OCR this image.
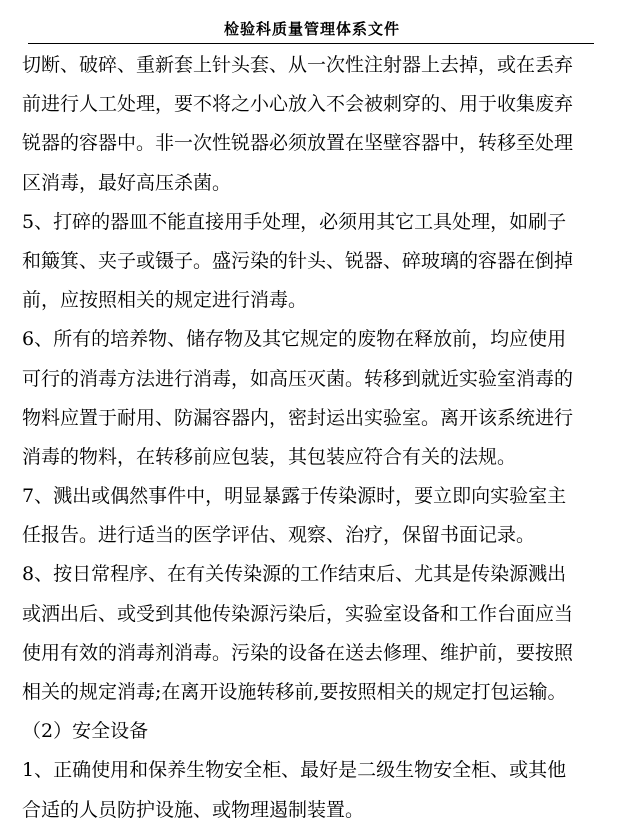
检验科质量管理体系文件
切断、破碎、重新套上针头套、从一次性注射器上去掉，或在丢弃
前进行人工处理，要不将之小心放入不会被刺穿的、用于收集废弃
锐器的容器中。非一次性锐器必须放置在坚壁容器中，转移至处理
区消毒，最好高压杀菌。
5、打碎的器皿不能直接用手处理，必须用其它工具处理，如刷子
和簸箕、夹子或镊子。盛污染的针头、锐器、碎玻璃的容器在倒掉
前，应按照相关的规定进行消毒。
6、所有的培养物、储存物及其它规定的废物在释放前，均应使用
可行的消毒方法进行消毒，如高压灭菌。转移到就近实验室消毒的
物料应置于耐用、防漏容器内，密封运出实验室。离开该系统进行
消毒的物料，在转移前应包装，其包装应符合有关的法规。
7、溅出或偶然事件中，明显暴露于传染源时，要立即向实验室主
任报告。进行适当的医学评估、观察、治疗，保留书面记录。
8、按日常程序、在有关传染源的工作结束后、尤其是传染源溅出
或洒出后、或受到其他传染源污染后，实验室设备和工作台面应当
使用有效的消毒剂消毒。污染的设备在送去修理、维护前，要按照
相关的规定消毒;在离开设施转移前,要按照相关的规定打包运输。
（2）安全设备
1、正确使用和保养生物安全柜、最好是二级生物安全柜、或其他
合适的人员防护设施、或物理遏制装置。
